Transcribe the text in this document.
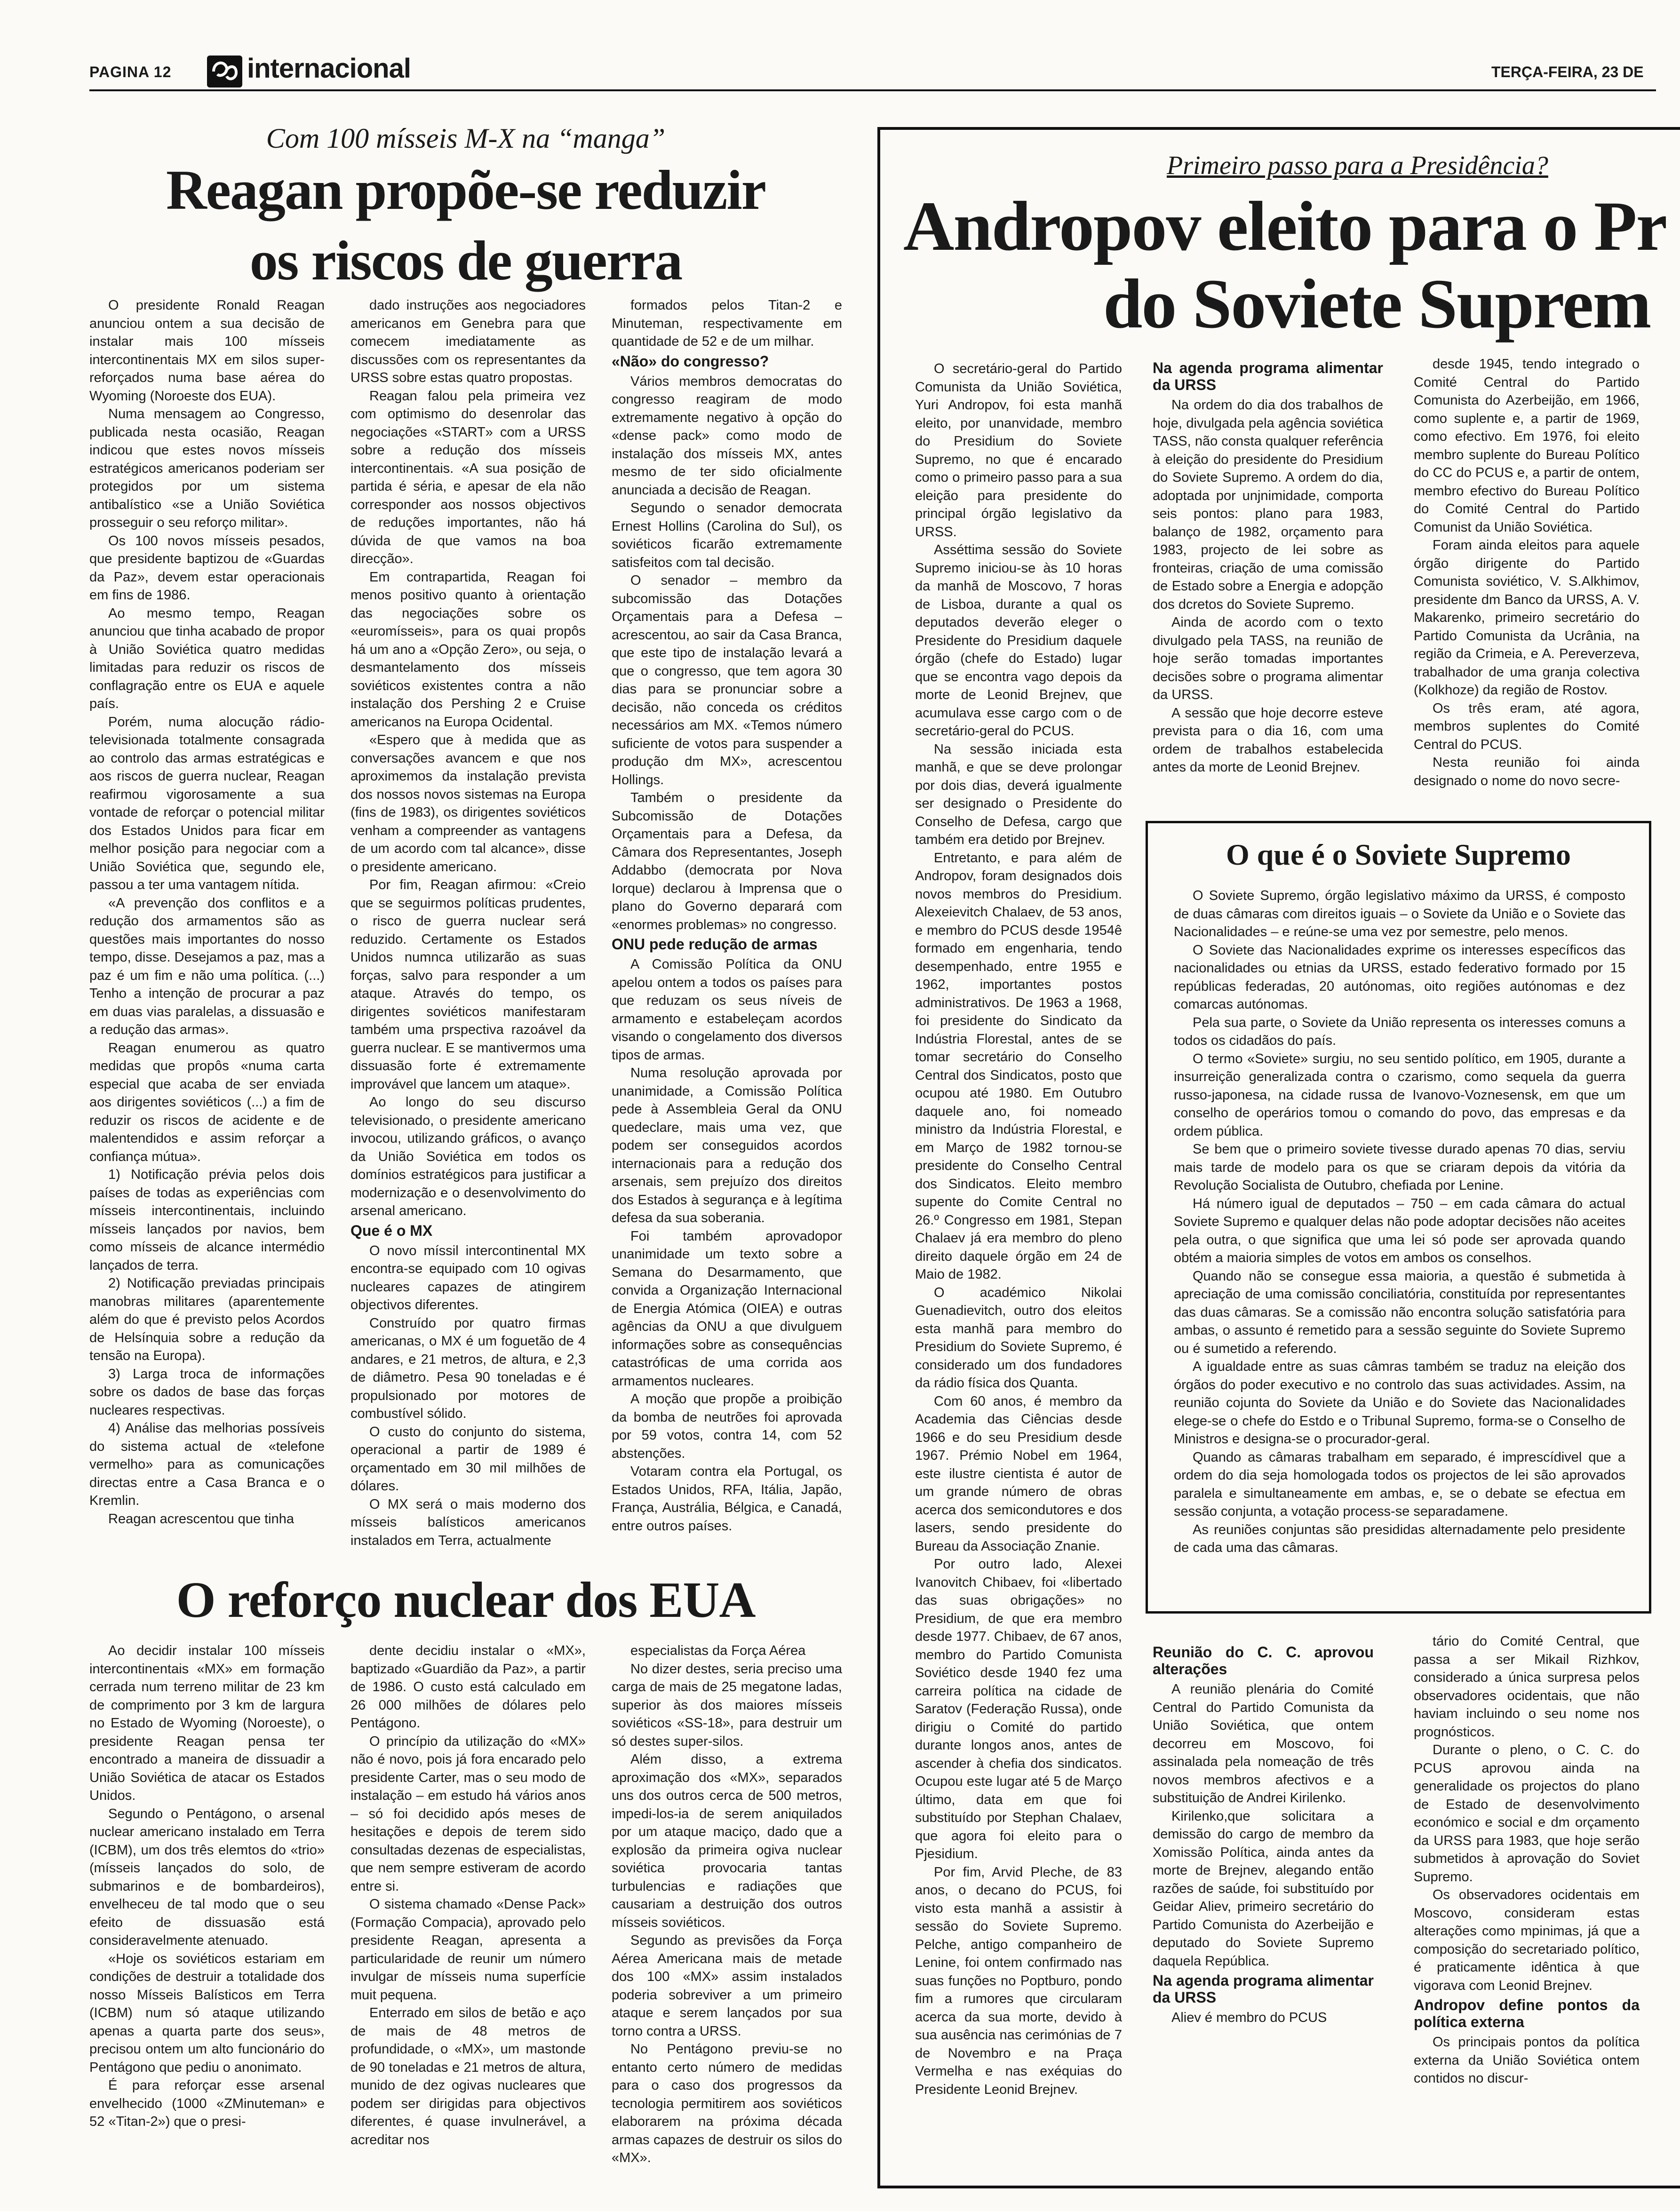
PAGINA 12	internacional	TERÇA-FEIRA, 23 DE
Com 100 mísseis M-X na “manga”
Reagan propõe-se reduzir
os riscos de guerra

O presidente Ronald Reagan anunciou ontem a sua decisão de instalar mais 100 mísseis intercontinentais MX em silos super-reforçados numa base aérea do Wyoming (Noroeste dos EUA).

Numa mensagem ao Congresso, publicada nesta ocasião, Reagan indicou que estes novos mísseis estratégicos americanos poderiam ser protegidos por um sistema antibalístico «se a União Soviética prosseguir o seu reforço militar».

Os 100 novos mísseis pesados, que presidente baptizou de «Guardas da Paz», devem estar operacionais em fins de 1986.

Ao mesmo tempo, Reagan anunciou que tinha acabado de propor à União Soviética quatro medidas limitadas para reduzir os riscos de conflagração entre os EUA e aquele país.

Porém, numa alocução rádio-televisionada totalmente consagrada ao controlo das armas estratégicas e aos riscos de guerra nuclear, Reagan reafirmou vigorosamente a sua vontade de reforçar o potencial militar dos Estados Unidos para ficar em melhor posição para negociar com a União Soviética que, segundo ele, passou a ter uma vantagem nítida.

«A prevenção dos conflitos e a redução dos armamentos são as questões mais importantes do nosso tempo, disse. Desejamos a paz, mas a paz é um fim e não uma política. (...) Tenho a intenção de procurar a paz em duas vias paralelas, a dissuasão e a redução das armas».

Reagan enumerou as quatro medidas que propôs «numa carta especial que acaba de ser enviada aos dirigentes soviéticos (...) a fim de reduzir os riscos de acidente e de malentendidos e assim reforçar a confiança mútua».

1) Notificação prévia pelos dois países de todas as experiências com mísseis intercontinentais, incluindo mísseis lançados por navios, bem como mísseis de alcance intermédio lançados de terra.

2) Notificação previadas principais manobras militares (aparentemente além do que é previsto pelos Acordos de Helsínquia sobre a redução da tensão na Europa).

3) Larga troca de informações sobre os dados de base das forças nucleares respectivas.

4) Análise das melhorias possíveis do sistema actual de «telefone vermelho» para as comunicações directas entre a Casa Branca e o Kremlin.

Reagan acrescentou que tinha

dado instruções aos negociadores americanos em Genebra para que comecem imediatamente as discussões com os representantes da URSS sobre estas quatro propostas.

Reagan falou pela primeira vez com optimismo do desenrolar das negociações «START» com a URSS sobre a redução dos mísseis intercontinentais. «A sua posição de partida é séria, e apesar de ela não corresponder aos nossos objectivos de reduções importantes, não há dúvida de que vamos na boa direcção».

Em contrapartida, Reagan foi menos positivo quanto à orientação das negociações sobre os «euromísseis», para os quai propôs há um ano a «Opção Zero», ou seja, o desmantelamento dos mísseis soviéticos existentes contra a não instalação dos Pershing 2 e Cruise americanos na Europa Ocidental.

«Espero que à medida que as conversações avancem e que nos aproximemos da instalação prevista dos nossos novos sistemas na Europa (fins de 1983), os dirigentes soviéticos venham a compreender as vantagens de um acordo com tal alcance», disse o presidente americano.

Por fim, Reagan afirmou: «Creio que se seguirmos políticas prudentes, o risco de guerra nuclear será reduzido. Certamente os Estados Unidos numnca utilizarão as suas forças, salvo para responder a um ataque. Através do tempo, os dirigentes soviéticos manifestaram também uma prspectiva razoável da guerra nuclear. E se mantivermos uma dissuasão forte é extremamente improvável que lancem um ataque».

Ao longo do seu discurso televisionado, o presidente americano invocou, utilizando gráficos, o avanço da União Soviética em todos os domínios estratégicos para justificar a modernização e o desenvolvimento do arsenal americano.

Que é o MX

O novo míssil intercontinental MX encontra-se equipado com 10 ogivas nucleares capazes de atingirem objectivos diferentes.

Construído por quatro firmas americanas, o MX é um foguetão de 4 andares, e 21 metros, de altura, e 2,3 de diâmetro. Pesa 90 toneladas e é propulsionado por motores de combustível sólido.

O custo do conjunto do sistema, operacional a partir de 1989 é orçamentado em 30 mil milhões de dólares.

O MX será o mais moderno dos mísseis balísticos americanos instalados em Terra, actualmente

formados pelos Titan-2 e Minuteman, respectivamente em quantidade de 52 e de um milhar.

«Não» do congresso?

Vários membros democratas do congresso reagiram de modo extremamente negativo à opção do «dense pack» como modo de instalação dos mísseis MX, antes mesmo de ter sido oficialmente anunciada a decisão de Reagan.

Segundo o senador democrata Ernest Hollins (Carolina do Sul), os soviéticos ficarão extremamente satisfeitos com tal decisão.

O senador – membro da subcomissão das Dotações Orçamentais para a Defesa – acrescentou, ao sair da Casa Branca, que este tipo de instalação levará a que o congresso, que tem agora 30 dias para se pronunciar sobre a decisão, não conceda os créditos necessários am MX. «Temos número suficiente de votos para suspender a produção dm MX», acrescentou Hollings.

Também o presidente da Subcomissão de Dotações Orçamentais para a Defesa, da Câmara dos Representantes, Joseph Addabbo (democrata por Nova Iorque) declarou à Imprensa que o plano do Governo deparará com «enormes problemas» no congresso.

ONU pede redução de armas

A Comissão Política da ONU apelou ontem a todos os países para que reduzam os seus níveis de armamento e estabeleçam acordos visando o congelamento dos diversos tipos de armas.

Numa resolução aprovada por unanimidade, a Comissão Política pede à Assembleia Geral da ONU quedeclare, mais uma vez, que podem ser conseguidos acordos internacionais para a redução dos arsenais, sem prejuízo dos direitos dos Estados à segurança e à legítima defesa da sua soberania.

Foi também aprovadopor unanimidade um texto sobre a Semana do Desarmamento, que convida a Organização Internacional de Energia Atómica (OIEA) e outras agências da ONU a que divulguem informações sobre as consequências catastróficas de uma corrida aos armamentos nucleares.

A moção que propõe a proibição da bomba de neutrões foi aprovada por 59 votos, contra 14, com 52 abstenções.

Votaram contra ela Portugal, os Estados Unidos, RFA, Itália, Japão, França, Austrália, Bélgica, e Canadá, entre outros países.

O reforço nuclear dos EUA

Ao decidir instalar 100 mísseis intercontinentais «MX» em formação cerrada num terreno militar de 23 km de comprimento por 3 km de largura no Estado de Wyoming (Noroeste), o presidente Reagan pensa ter encontrado a maneira de dissuadir a União Soviética de atacar os Estados Unidos.

Segundo o Pentágono, o arsenal nuclear americano instalado em Terra (ICBM), um dos três elemtos do «trio» (mísseis lançados do solo, de submarinos e de bombardeiros), envelheceu de tal modo que o seu efeito de dissuasão está consideravelmente atenuado.

«Hoje os soviéticos estariam em condições de destruir a totalidade dos nosso Mísseis Balísticos em Terra (ICBM) num só ataque utilizando apenas a quarta parte dos seus», precisou ontem um alto funcionário do Pentágono que pediu o anonimato.

É para reforçar esse arsenal envelhecido (1000 «ZMinuteman» e 52 «Titan-2») que o presi-

dente decidiu instalar o «MX», baptizado «Guardião da Paz», a partir de 1986. O custo está calculado em 26 000 milhões de dólares pelo Pentágono.

O princípio da utilização do «MX» não é novo, pois já fora encarado pelo presidente Carter, mas o seu modo de instalação – em estudo há vários anos – só foi decidido após meses de hesitações e depois de terem sido consultadas dezenas de especialistas, que nem sempre estiveram de acordo entre si.

O sistema chamado «Dense Pack» (Formação Compacia), aprovado pelo presidente Reagan, apresenta a particularidade de reunir um número invulgar de mísseis numa superfície muit pequena.

Enterrado em silos de betão e aço de mais de 48 metros de profundidade, o «MX», um mastonde de 90 toneladas e 21 metros de altura, munido de dez ogivas nucleares que podem ser dirigidas para objectivos diferentes, é quase invulnerável, a acreditar nos

especialistas da Força Aérea

No dizer destes, seria preciso uma carga de mais de 25 megatone ladas, superior às dos maiores mísseis soviéticos «SS-18», para destruir um só destes super-silos.

Além disso, a extrema aproximação dos «MX», separados uns dos outros cerca de 500 metros, impedi-los-ia de serem aniquilados por um ataque maciço, dado que a explosão da primeira ogiva nuclear soviética provocaria tantas turbulencias e radiações que causariam a destruição dos outros mísseis soviéticos.

Segundo as previsões da Força Aérea Americana mais de metade dos 100 «MX» assim instalados poderia sobreviver a um primeiro ataque e serem lançados por sua torno contra a URSS.

No Pentágono previu-se no entanto certo número de medidas para o caso dos progressos da tecnologia permitirem aos soviéticos elaborarem na próxima década armas capazes de destruir os silos do «MX».

Primeiro passo para a Presidência?
Andropov eleito para o Pr
do Soviete Suprem

O secretário-geral do Partido Comunista da União Soviética, Yuri Andropov, foi esta manhã eleito, por unanvidade, membro do Presidium do Soviete Supremo, no que é encarado como o primeiro passo para a sua eleição para presidente do principal órgão legislativo da URSS.

Asséttima sessão do Soviete Supremo iniciou-se às 10 horas da manhã de Moscovo, 7 horas de Lisboa, durante a qual os deputados deverão eleger o Presidente do Presidium daquele órgão (chefe do Estado) lugar que se encontra vago depois da morte de Leonid Brejnev, que acumulava esse cargo com o de secretário-geral do PCUS.

Na sessão iniciada esta manhã, e que se deve prolongar por dois dias, deverá igualmente ser designado o Presidente do Conselho de Defesa, cargo que também era detido por Brejnev.

Entretanto, e para além de Andropov, foram designados dois novos membros do Presidium. Alexeievitch Chalaev, de 53 anos, e membro do PCUS desde 1954ê formado em engenharia, tendo desempenhado, entre 1955 e 1962, importantes postos administrativos. De 1963 a 1968, foi presidente do Sindicato da Indústria Florestal, antes de se tomar secretário do Conselho Central dos Sindicatos, posto que ocupou até 1980. Em Outubro daquele ano, foi nomeado ministro da Indústria Florestal, e em Março de 1982 tornou-se presidente do Conselho Central dos Sindicatos. Eleito membro supente do Comite Central no 26.º Congresso em 1981, Stepan Chalaev já era membro do pleno direito daquele órgão em 24 de Maio de 1982.

O académico Nikolai Guenadievitch, outro dos eleitos esta manhã para membro do Presidium do Soviete Supremo, é considerado um dos fundadores da rádio física dos Quanta.

Com 60 anos, é membro da Academia das Ciências desde 1966 e do seu Presidium desde 1967. Prémio Nobel em 1964, este ilustre cientista é autor de um grande número de obras acerca dos semicondutores e dos lasers, sendo presidente do Bureau da Associação Znanie.

Por outro lado, Alexei Ivanovitch Chibaev, foi «libertado das suas obrigações» no Presidium, de que era membro desde 1977. Chibaev, de 67 anos, membro do Partido Comunista Soviético desde 1940 fez uma carreira política na cidade de Saratov (Federação Russa), onde dirigiu o Comité do partido durante longos anos, antes de ascender à chefia dos sindicatos. Ocupou este lugar até 5 de Março último, data em que foi substituído por Stephan Chalaev, que agora foi eleito para o Pjesidium.

Por fim, Arvid Pleche, de 83 anos, o decano do PCUS, foi visto esta manhã a assistir à sessão do Soviete Supremo. Pelche, antigo companheiro de Lenine, foi ontem confirmado nas suas funções no Poptburo, pondo fim a rumores que circularam acerca da sua morte, devido à sua ausência nas cerimónias de 7 de Novembro e na Praça Vermelha e nas exéquias do Presidente Leonid Brejnev.

Na agenda programa alimentar da URSS

Na ordem do dia dos trabalhos de hoje, divulgada pela agência soviética TASS, não consta qualquer referência à eleição do presidente do Presidium do Soviete Supremo. A ordem do dia, adoptada por unjnimidade, comporta seis pontos: plano para 1983, balanço de 1982, orçamento para 1983, projecto de lei sobre as fronteiras, criação de uma comissão de Estado sobre a Energia e adopção dos dcretos do Soviete Supremo.

Ainda de acordo com o texto divulgado pela TASS, na reunião de hoje serão tomadas importantes decisões sobre o programa alimentar da URSS.

A sessão que hoje decorre esteve prevista para o dia 16, com uma ordem de trabalhos estabelecida antes da morte de Leonid Brejnev.

desde 1945, tendo integrado o Comité Central do Partido Comunista do Azerbeijão, em 1966, como suplente e, a partir de 1969, como efectivo. Em 1976, foi eleito membro suplente do Bureau Político do CC do PCUS e, a partir de ontem, membro efectivo do Bureau Político do Comité Central do Partido Comunist da União Soviética.

Foram ainda eleitos para aquele órgão dirigente do Partido Comunista soviético, V. S.Alkhimov, presidente dm Banco da URSS, A. V. Makarenko, primeiro secretário do Partido Comunista da Ucrânia, na região da Crimeia, e A. Pereverzeva, trabalhador de uma granja colectiva (Kolkhoze) da região de Rostov.

Os três eram, até agora, membros suplentes do Comité Central do PCUS.

Nesta reunião foi ainda designado o nome do novo secre-

O que é o Soviete Supremo

O Soviete Supremo, órgão legislativo máximo da URSS, é composto de duas câmaras com direitos iguais – o Soviete da União e o Soviete das Nacionalidades – e reúne-se uma vez por semestre, pelo menos.

O Soviete das Nacionalidades exprime os interesses específicos das nacionalidades ou etnias da URSS, estado federativo formado por 15 repúblicas federadas, 20 autónomas, oito regiões autónomas e dez comarcas autónomas.

Pela sua parte, o Soviete da União representa os interesses comuns a todos os cidadãos do país.

O termo «Soviete» surgiu, no seu sentido político, em 1905, durante a insurreição generalizada contra o czarismo, como sequela da guerra russo-japonesa, na cidade russa de Ivanovo-Voznesensk, em que um conselho de operários tomou o comando do povo, das empresas e da ordem pública.

Se bem que o primeiro soviete tivesse durado apenas 70 dias, serviu mais tarde de modelo para os que se criaram depois da vitória da Revolução Socialista de Outubro, chefiada por Lenine.

Há número igual de deputados – 750 – em cada câmara do actual Soviete Supremo e qualquer delas não pode adoptar decisões não aceites pela outra, o que significa que uma lei só pode ser aprovada quando obtém a maioria simples de votos em ambos os conselhos.

Quando não se consegue essa maioria, a questão é submetida à apreciação de uma comissão conciliatória, constituída por representantes das duas câmaras. Se a comissão não encontra solução satisfatória para ambas, o assunto é remetido para a sessão seguinte do Soviete Supremo ou é sumetido a referendo.

A igualdade entre as suas câmras também se traduz na eleição dos órgãos do poder executivo e no controlo das suas actividades. Assim, na reunião cojunta do Soviete da União e do Soviete das Nacionalidades elege-se o chefe do Estdo e o Tribunal Supremo, forma-se o Conselho de Ministros e designa-se o procurador-geral.

Quando as câmaras trabalham em separado, é imprescídivel que a ordem do dia seja homologada todos os projectos de lei são aprovados paralela e simultaneamente em ambas, e, se o debate se efectua em sessão conjunta, a votação process-se separadamene.

As reuniões conjuntas são presididas alternadamente pelo presidente de cada uma das câmaras.

Reunião do C. C. aprovou alterações

A reunião plenária do Comité Central do Partido Comunista da União Soviética, que ontem decorreu em Moscovo, foi assinalada pela nomeação de três novos membros afectivos e a substituição de Andrei Kirilenko.

Kirilenko,que solicitara a demissão do cargo de membro da Xomissão Política, ainda antes da morte de Brejnev, alegando então razões de saúde, foi substituído por Geidar Aliev, primeiro secretário do Partido Comunista do Azerbeijão e deputado do Soviete Supremo daquela República.

Na agenda programa alimentar da URSS

Aliev é membro do PCUS

tário do Comité Central, que passa a ser Mikail Rizhkov, considerado a única surpresa pelos observadores ocidentais, que não haviam incluindo o seu nome nos prognósticos.

Durante o pleno, o C. C. do PCUS aprovou ainda na generalidade os projectos do plano de Estado de desenvolvimento económico e social e dm orçamento da URSS para 1983, que hoje serão submetidos à aprovação do Soviet Supremo.

Os observadores ocidentais em Moscovo, consideram estas alterações como mpinimas, já que a composição do secretariado político, é praticamente idêntica à que vigorava com Leonid Brejnev.

Andropov define pontos da política externa

Os principais pontos da política externa da União Soviética ontem contidos no discur-
